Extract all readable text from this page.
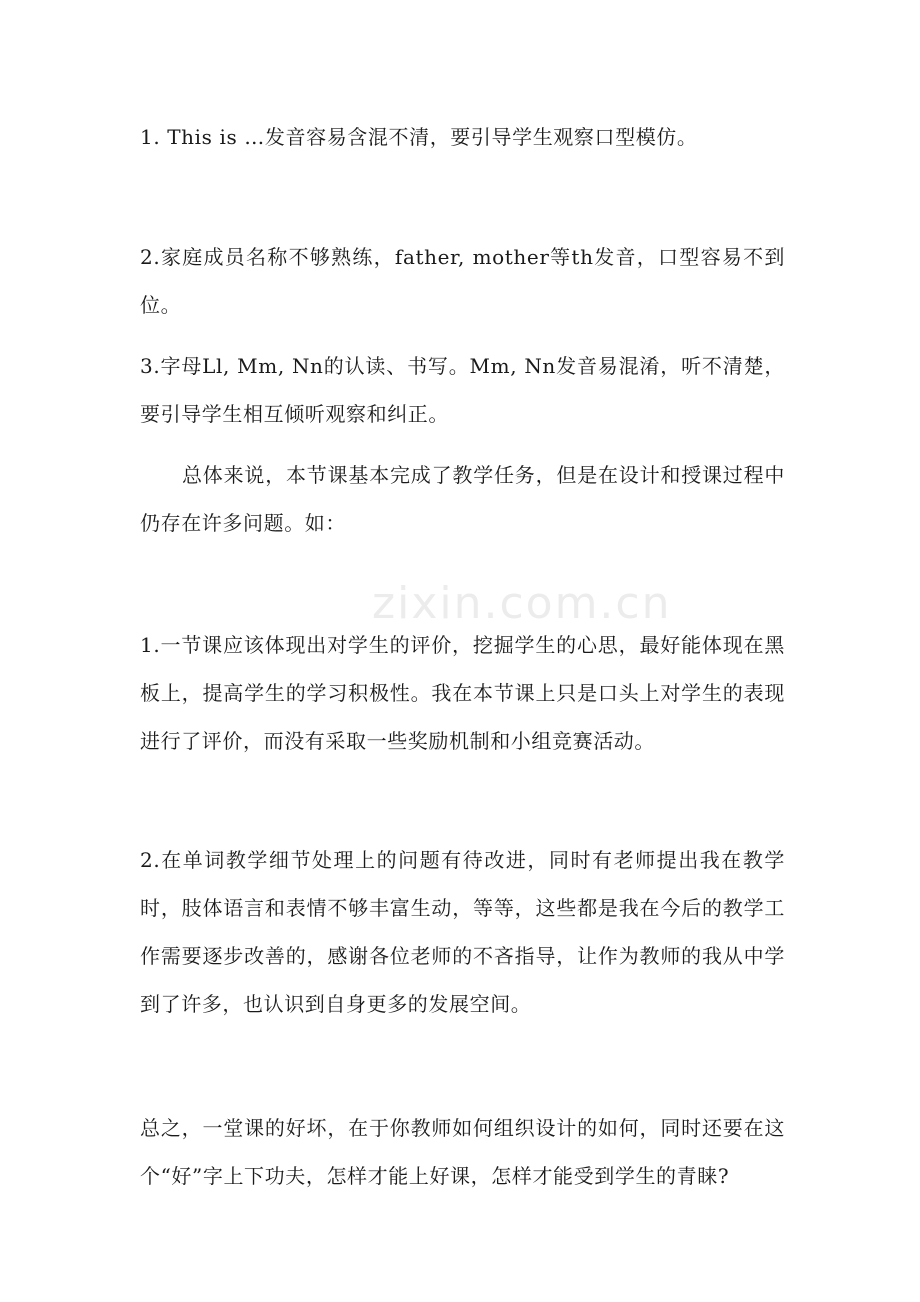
zixin.com.cn

1. This is …发音容易含混不清，要引导学生观察口型模仿。

2.家庭成员名称不够熟练，father, mother等th发音，口型容易不到位。

3.字母Ll, Mm, Nn的认读、书写。Mm, Nn发音易混淆，听不清楚，要引导学生相互倾听观察和纠正。

总体来说，本节课基本完成了教学任务，但是在设计和授课过程中仍存在许多问题。如：

1.一节课应该体现出对学生的评价，挖掘学生的心思，最好能体现在黑板上，提高学生的学习积极性。我在本节课上只是口头上对学生的表现进行了评价，而没有采取一些奖励机制和小组竞赛活动。

2.在单词教学细节处理上的问题有待改进，同时有老师提出我在教学时，肢体语言和表情不够丰富生动，等等，这些都是我在今后的教学工作需要逐步改善的，感谢各位老师的不吝指导，让作为教师的我从中学到了许多，也认识到自身更多的发展空间。

总之，一堂课的好坏，在于你教师如何组织设计的如何，同时还要在这个“好”字上下功夫，怎样才能上好课，怎样才能受到学生的青睐?
